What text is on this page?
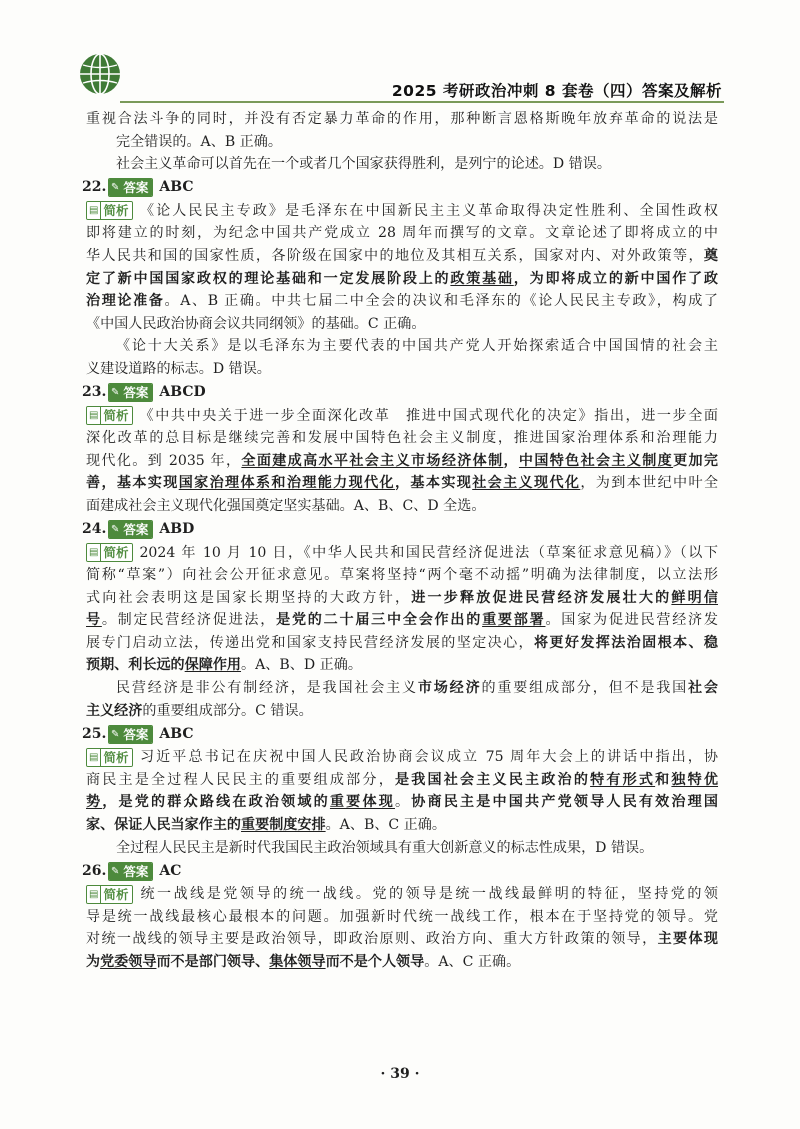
2025 考研政治冲刺 8 套卷（四）答案及解析
重视合法斗争的同时，并没有否定暴力革命的作用，那种断言恩格斯晚年放弃革命的说法是
完全错误的。A、B 正确。
社会主义革命可以首先在一个或者几个国家获得胜利，是列宁的论述。D 错误。
22. ✎ 答案 ABC
▤ 简析 《论人民民主专政》是毛泽东在中国新民主主义革命取得决定性胜利、全国性政权
即将建立的时刻，为纪念中国共产党成立 28 周年而撰写的文章。文章论述了即将成立的中
华人民共和国的国家性质，各阶级在国家中的地位及其相互关系，国家对内、对外政策等，奠
定了新中国国家政权的理论基础和一定发展阶段上的政策基础，为即将成立的新中国作了政
治理论准备。A、B 正确。中共七届二中全会的决议和毛泽东的《论人民民主专政》，构成了
《中国人民政治协商会议共同纲领》的基础。C 正确。
《论十大关系》是以毛泽东为主要代表的中国共产党人开始探索适合中国国情的社会主
义建设道路的标志。D 错误。
23. ✎ 答案 ABCD
▤ 简析 《中共中央关于进一步全面深化改革　推进中国式现代化的决定》指出，进一步全面
深化改革的总目标是继续完善和发展中国特色社会主义制度，推进国家治理体系和治理能力
现代化。到 2035 年，全面建成高水平社会主义市场经济体制，中国特色社会主义制度更加完
善，基本实现国家治理体系和治理能力现代化，基本实现社会主义现代化，为到本世纪中叶全
面建成社会主义现代化强国奠定坚实基础。A、B、C、D 全选。
24. ✎ 答案 ABD
▤ 简析 2024 年 10 月 10 日，《中华人民共和国民营经济促进法（草案征求意见稿）》（以下
简称“草案”）向社会公开征求意见。草案将坚持“两个毫不动摇”明确为法律制度，以立法形
式向社会表明这是国家长期坚持的大政方针，进一步释放促进民营经济发展壮大的鲜明信
号。制定民营经济促进法，是党的二十届三中全会作出的重要部署。国家为促进民营经济发
展专门启动立法，传递出党和国家支持民营经济发展的坚定决心，将更好发挥法治固根本、稳
预期、利长远的保障作用。A、B、D 正确。
民营经济是非公有制经济，是我国社会主义市场经济的重要组成部分，但不是我国社会
主义经济的重要组成部分。C 错误。
25. ✎ 答案 ABC
▤ 简析 习近平总书记在庆祝中国人民政治协商会议成立 75 周年大会上的讲话中指出，协
商民主是全过程人民民主的重要组成部分，是我国社会主义民主政治的特有形式和独特优
势，是党的群众路线在政治领域的重要体现。协商民主是中国共产党领导人民有效治理国
家、保证人民当家作主的重要制度安排。A、B、C 正确。
全过程人民民主是新时代我国民主政治领域具有重大创新意义的标志性成果，D 错误。
26. ✎ 答案 AC
▤ 简析 统一战线是党领导的统一战线。党的领导是统一战线最鲜明的特征，坚持党的领
导是统一战线最核心最根本的问题。加强新时代统一战线工作，根本在于坚持党的领导。党
对统一战线的领导主要是政治领导，即政治原则、政治方向、重大方针政策的领导，主要体现
为党委领导而不是部门领导、集体领导而不是个人领导。A、C 正确。
· 39 ·
